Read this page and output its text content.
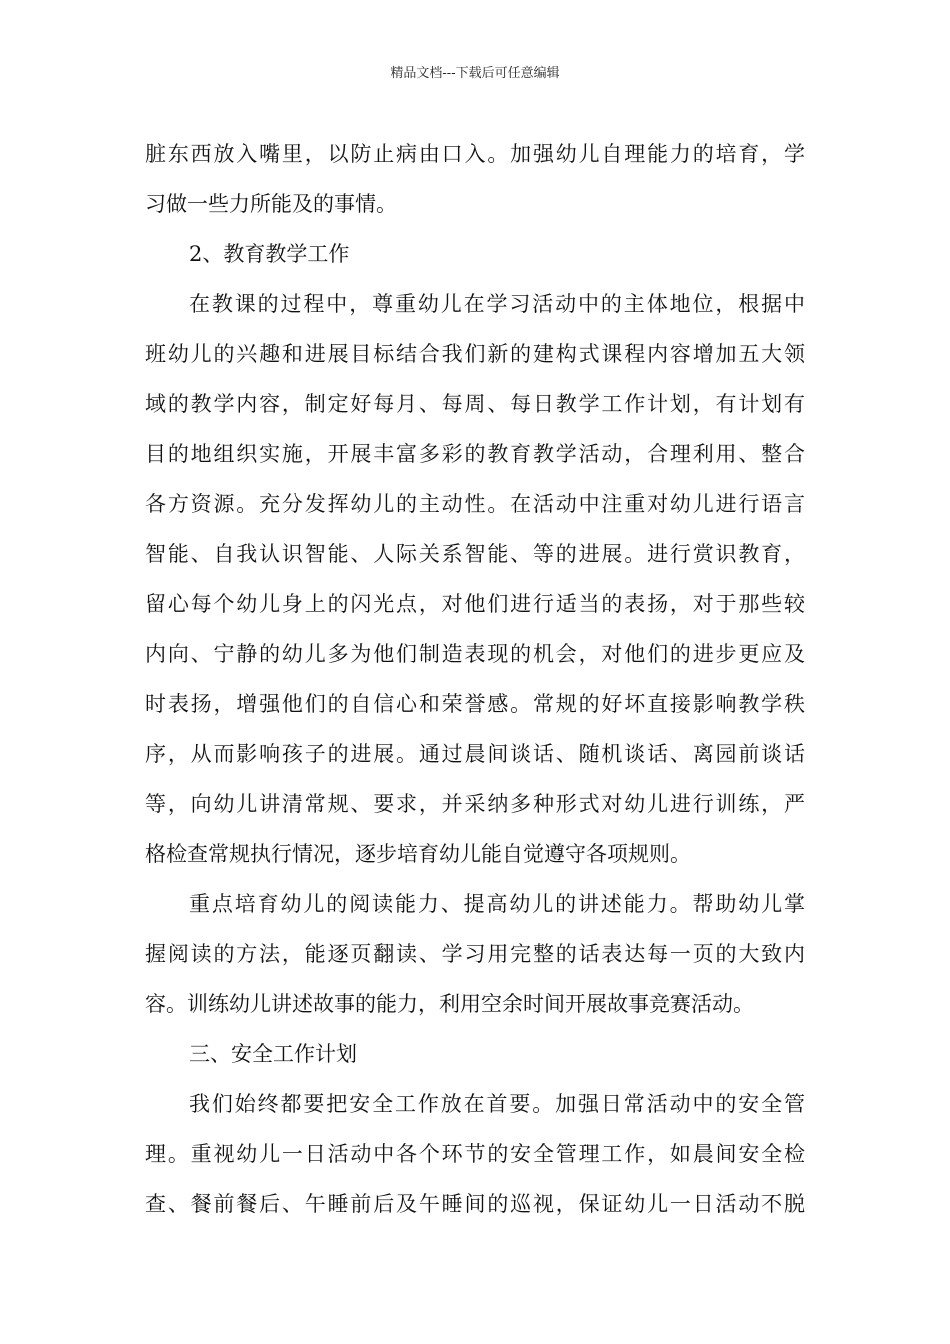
精品文档---下载后可任意编辑
脏东西放入嘴里，以防止病由口入。加强幼儿自理能力的培育，学
习做一些力所能及的事情。
2、教育教学工作
在教课的过程中，尊重幼儿在学习活动中的主体地位，根据中
班幼儿的兴趣和进展目标结合我们新的建构式课程内容增加五大领
域的教学内容，制定好每月、每周、每日教学工作计划，有计划有
目的地组织实施，开展丰富多彩的教育教学活动，合理利用、整合
各方资源。充分发挥幼儿的主动性。在活动中注重对幼儿进行语言
智能、自我认识智能、人际关系智能、等的进展。进行赏识教育，
留心每个幼儿身上的闪光点，对他们进行适当的表扬，对于那些较
内向、宁静的幼儿多为他们制造表现的机会，对他们的进步更应及
时表扬，增强他们的自信心和荣誉感。常规的好坏直接影响教学秩
序，从而影响孩子的进展。通过晨间谈话、随机谈话、离园前谈话
等，向幼儿讲清常规、要求，并采纳多种形式对幼儿进行训练，严
格检查常规执行情况，逐步培育幼儿能自觉遵守各项规则。
重点培育幼儿的阅读能力、提高幼儿的讲述能力。帮助幼儿掌
握阅读的方法，能逐页翻读、学习用完整的话表达每一页的大致内
容。训练幼儿讲述故事的能力，利用空余时间开展故事竞赛活动。
三、安全工作计划
我们始终都要把安全工作放在首要。加强日常活动中的安全管
理。重视幼儿一日活动中各个环节的安全管理工作，如晨间安全检
查、餐前餐后、午睡前后及午睡间的巡视，保证幼儿一日活动不脱
